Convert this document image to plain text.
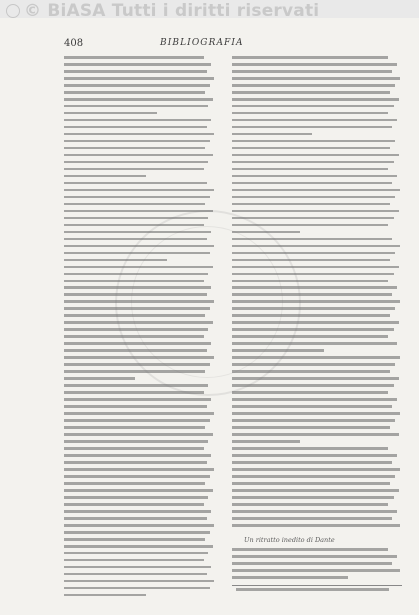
© BiASA Tutti i diritti riservati
408	BIBLIOGRAFIA
Un ritratto inedito di Dante
